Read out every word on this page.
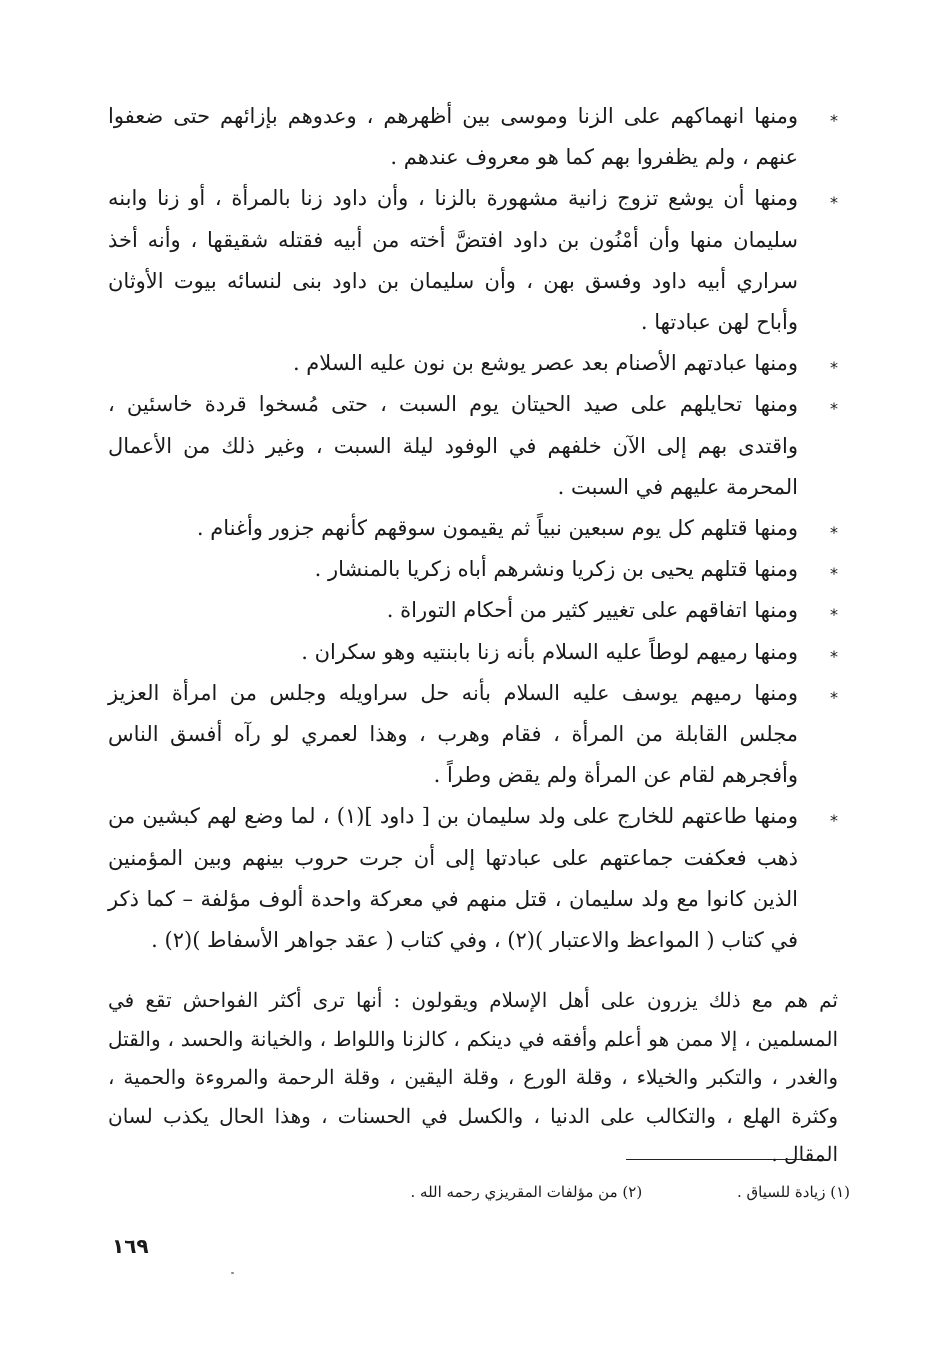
* ومنها انهماكهم على الزنا وموسى بين أظهرهم ، وعدوهم بإزائهم حتى ضعفوا عنهم ، ولم يظفروا بهم كما هو معروف عندهم .

* ومنها أن يوشع تزوج زانية مشهورة بالزنا ، وأن داود زنا بالمرأة ، أو زنا وابنه سليمان منها وأن أمْنُون بن داود افتضَّ أخته من أبيه فقتله شقيقها ، وأنه أخذ سراري أبيه داود وفسق بهن ، وأن سليمان بن داود بنى لنسائه بيوت الأوثان وأباح لهن عبادتها .

* ومنها عبادتهم الأصنام بعد عصر يوشع بن نون عليه السلام .

* ومنها تحايلهم على صيد الحيتان يوم السبت ، حتى مُسخوا قردة خاسئين ، واقتدى بهم إلى الآن خلفهم في الوفود ليلة السبت ، وغير ذلك من الأعمال المحرمة عليهم في السبت .

* ومنها قتلهم كل يوم سبعين نبياً ثم يقيمون سوقهم كأنهم جزور وأغنام .

* ومنها قتلهم يحيى بن زكريا ونشرهم أباه زكريا بالمنشار .

* ومنها اتفاقهم على تغيير كثير من أحكام التوراة .

* ومنها رميهم لوطاً عليه السلام بأنه زنا بابنتيه وهو سكران .

* ومنها رميهم يوسف عليه السلام بأنه حل سراويله وجلس من امرأة العزيز مجلس القابلة من المرأة ، فقام وهرب ، وهذا لعمري لو رآه أفسق الناس وأفجرهم لقام عن المرأة ولم يقض وطراً .

* ومنها طاعتهم للخارج على ولد سليمان بن [ داود ](١) ، لما وضع لهم كبشين من ذهب فعكفت جماعتهم على عبادتها إلى أن جرت حروب بينهم وبين المؤمنين الذين كانوا مع ولد سليمان ، قتل منهم في معركة واحدة ألوف مؤلفة – كما ذكر في كتاب ( المواعظ والاعتبار )(٢) ، وفي كتاب ( عقد جواهر الأسفاط )(٢) .

ثم هم مع ذلك يزرون على أهل الإسلام ويقولون : أنها ترى أكثر الفواحش تقع في المسلمين ، إلا ممن هو أعلم وأفقه في دينكم ، كالزنا واللواط ، والخيانة والحسد ، والقتل والغدر ، والتكبر والخيلاء ، وقلة الورع ، وقلة اليقين ، وقلة الرحمة والمروءة والحمية ، وكثرة الهلع ، والتكالب على الدنيا ، والكسل في الحسنات ، وهذا الحال يكذب لسان المقال .

(١) زيادة للسياق . (٢) من مؤلفات المقريزي رحمه الله .
١٦٩
